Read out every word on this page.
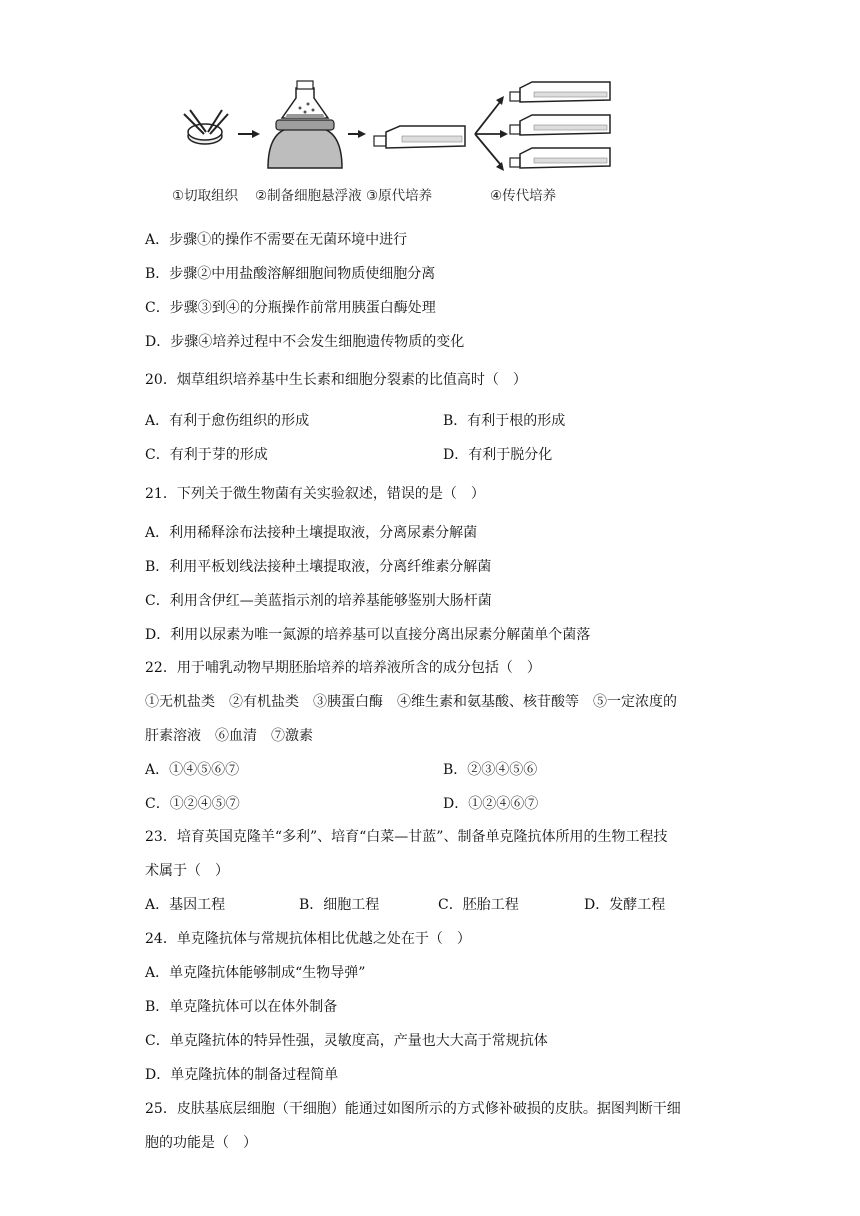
①切取组织 ②制备细胞悬浮液 ③原代培养	④传代培养
A．步骤①的操作不需要在无菌环境中进行
B．步骤②中用盐酸溶解细胞间物质使细胞分离
C．步骤③到④的分瓶操作前常用胰蛋白酶处理
D．步骤④培养过程中不会发生细胞遗传物质的变化
20．烟草组织培养基中生长素和细胞分裂素的比值高时（　）
A．有利于愈伤组织的形成	B．有利于根的形成
C．有利于芽的形成	D．有利于脱分化
21．下列关于微生物菌有关实验叙述，错误的是（　）
A．利用稀释涂布法接种土壤提取液，分离尿素分解菌
B．利用平板划线法接种土壤提取液，分离纤维素分解菌
C．利用含伊红—美蓝指示剂的培养基能够鉴别大肠杆菌
D．利用以尿素为唯一氮源的培养基可以直接分离出尿素分解菌单个菌落
22．用于哺乳动物早期胚胎培养的培养液所含的成分包括（　）
①无机盐类　②有机盐类　③胰蛋白酶　④维生素和氨基酸、核苷酸等　⑤一定浓度的
肝素溶液　⑥血清　⑦激素
A．①④⑤⑥⑦	B．②③④⑤⑥
C．①②④⑤⑦	D．①②④⑥⑦
23．培育英国克隆羊“多利”、培育“白菜—甘蓝”、制备单克隆抗体所用的生物工程技
术属于（　）
A．基因工程	B．细胞工程	C．胚胎工程	D．发酵工程
24．单克隆抗体与常规抗体相比优越之处在于（　）
A．单克隆抗体能够制成“生物导弹”
B．单克隆抗体可以在体外制备
C．单克隆抗体的特异性强，灵敏度高，产量也大大高于常规抗体
D．单克隆抗体的制备过程简单
25．皮肤基底层细胞（干细胞）能通过如图所示的方式修补破损的皮肤。据图判断干细
胞的功能是（　）
